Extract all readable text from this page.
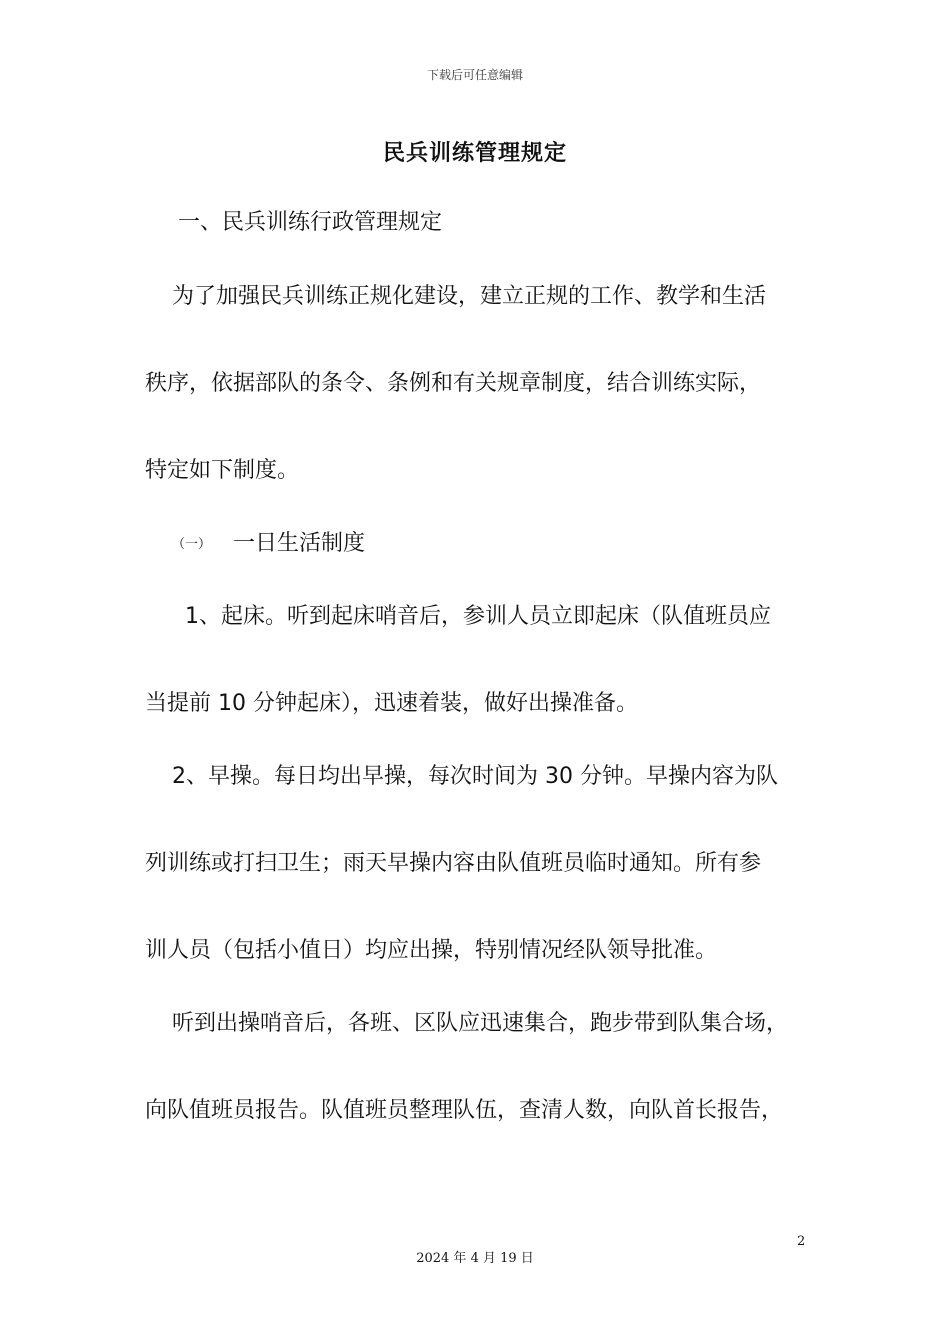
下载后可任意编辑
民兵训练管理规定
一、民兵训练行政管理规定
为了加强民兵训练正规化建设，建立正规的工作、教学和生活
秩序，依据部队的条令、条例和有关规章制度，结合训练实际，
特定如下制度。
（一） 一日生活制度
1、起床。听到起床哨音后，参训人员立即起床（队值班员应
当提前 10 分钟起床），迅速着装，做好出操准备。
2、早操。每日均出早操，每次时间为 30 分钟。早操内容为队
列训练或打扫卫生；雨天早操内容由队值班员临时通知。所有参
训人员（包括小值日）均应出操，特别情况经队领导批准。
听到出操哨音后，各班、区队应迅速集合，跑步带到队集合场，
向队值班员报告。队值班员整理队伍，查清人数，向队首长报告，
2
2024 年 4 月 19 日
